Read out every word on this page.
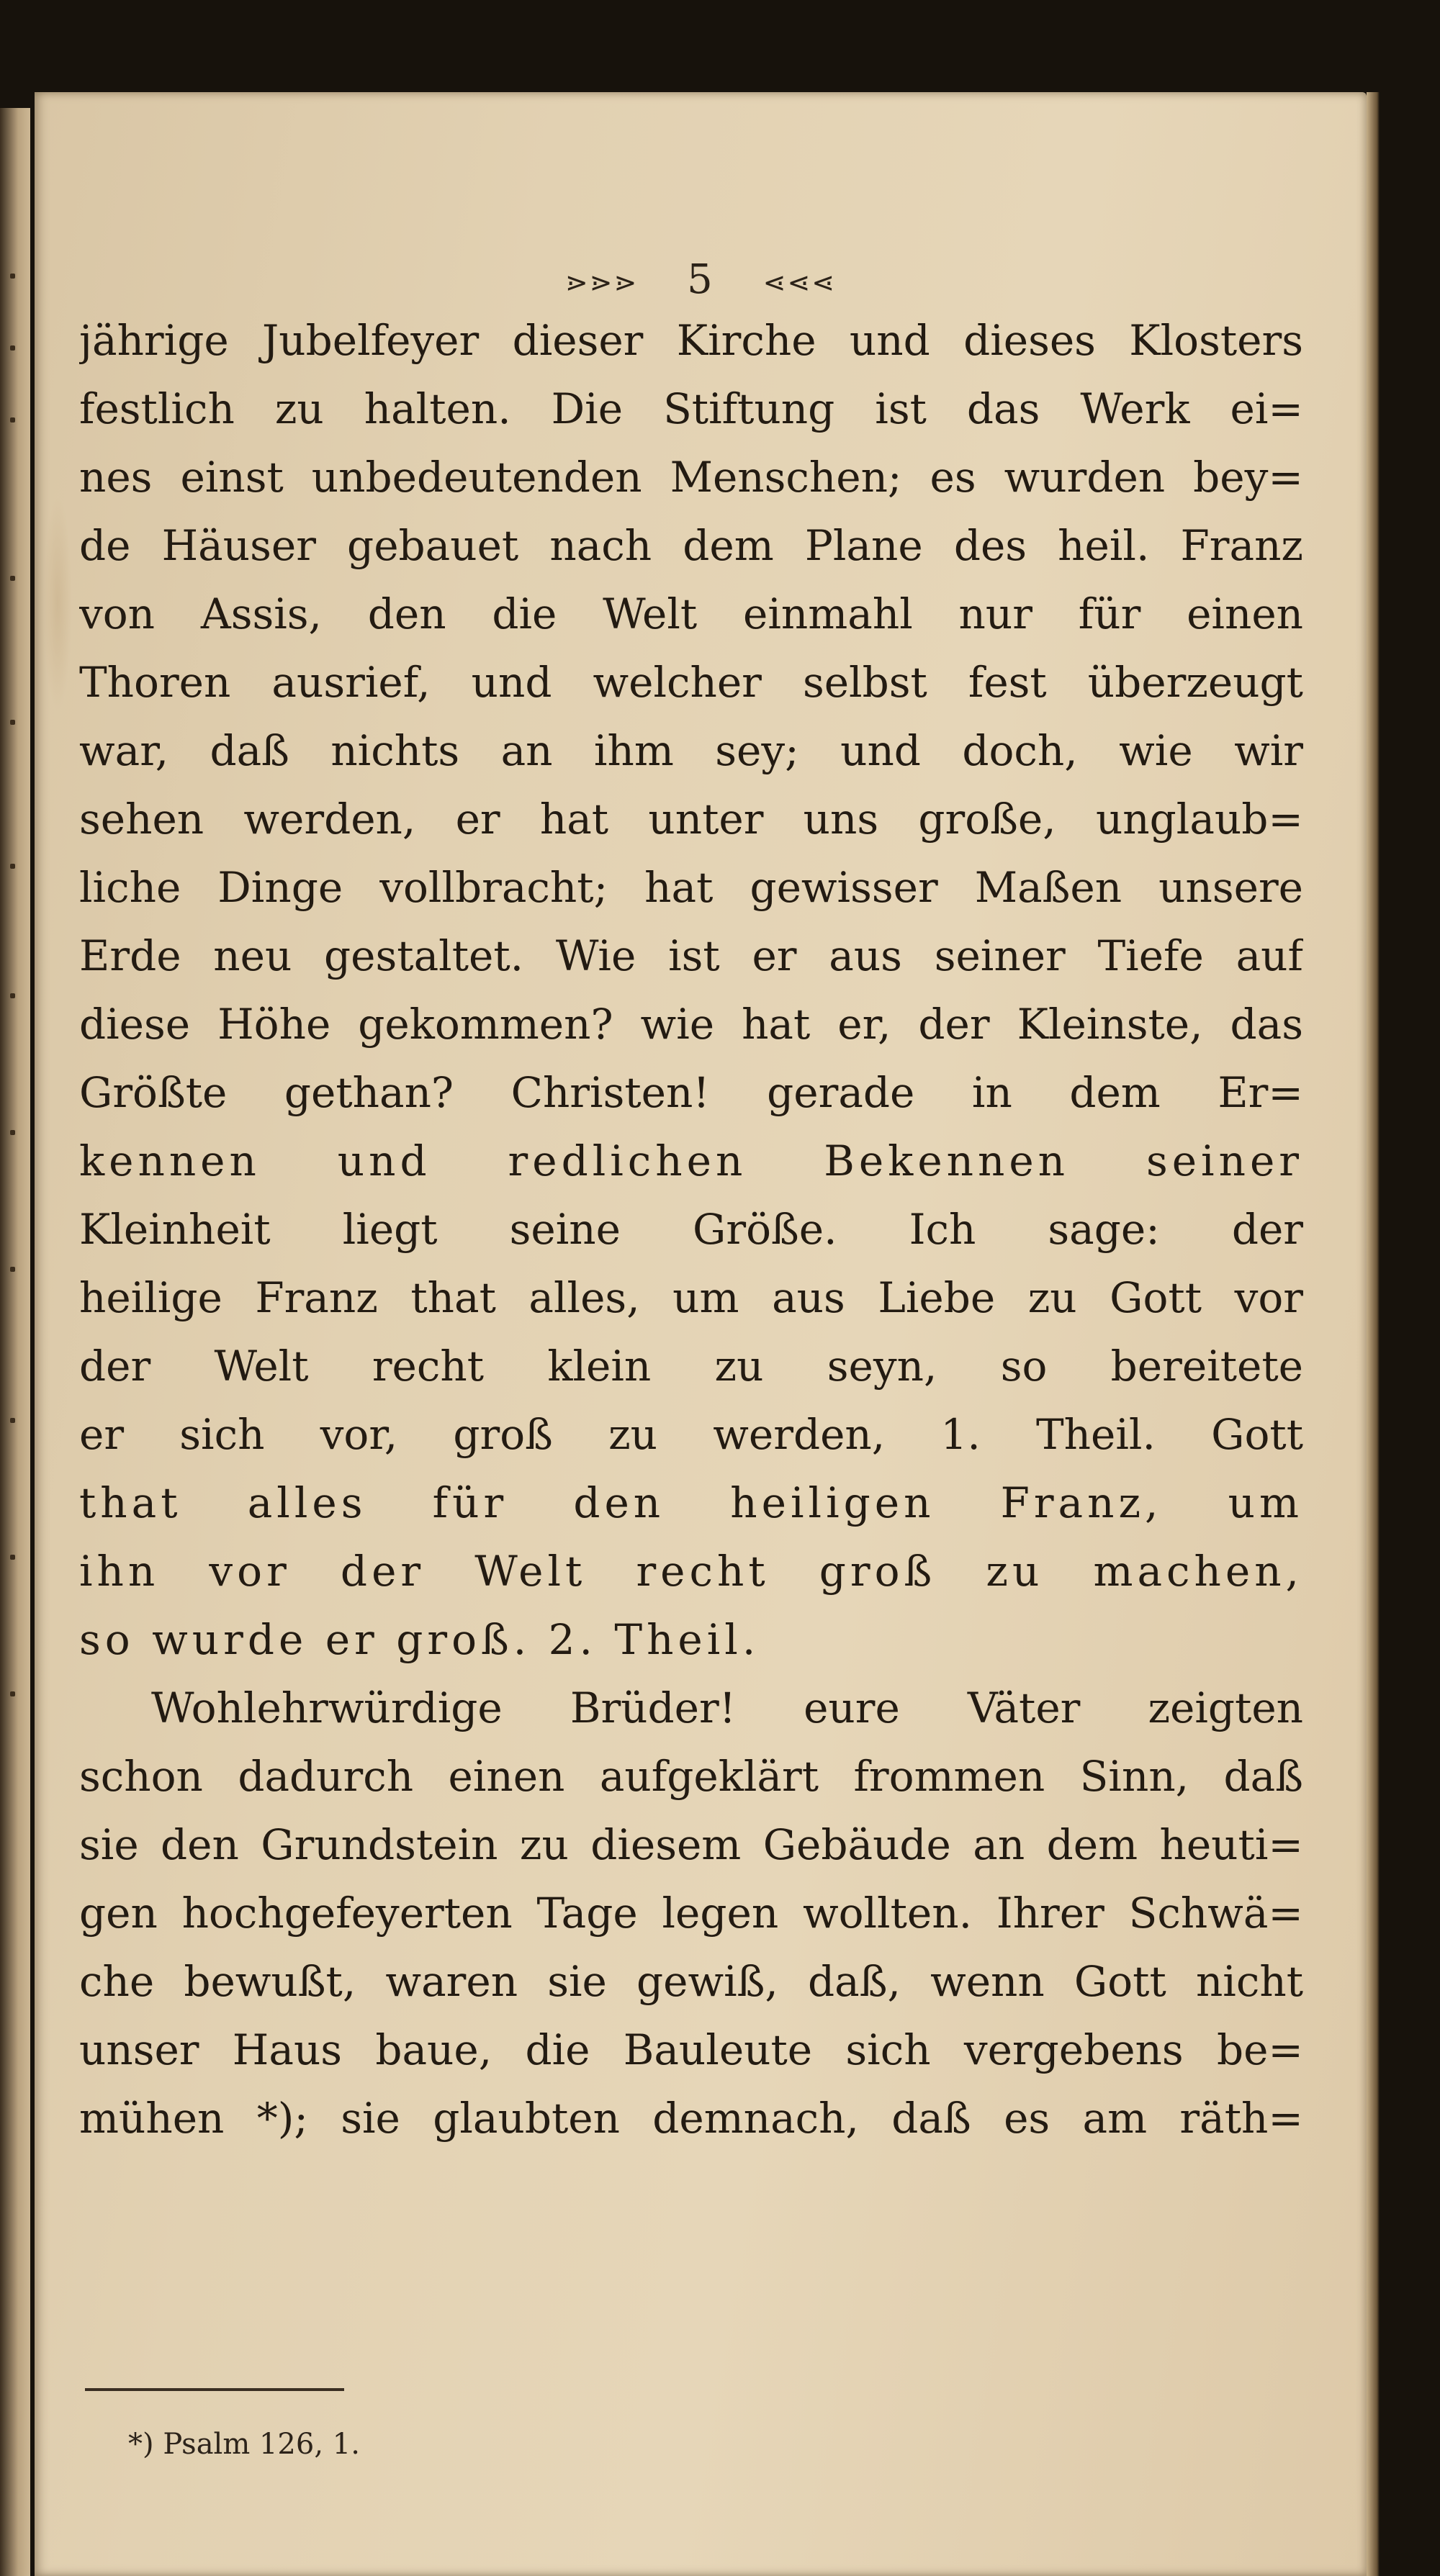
⋗⋗⋗ 5 ⋖⋖⋖
jährige Jubelfeyer dieser Kirche und dieses Klosters
festlich zu halten. Die Stiftung ist das Werk ei=
nes einst unbedeutenden Menschen; es wurden bey=
de Häuser gebauet nach dem Plane des heil. Franz
von Assis, den die Welt einmahl nur für einen
Thoren ausrief, und welcher selbst fest überzeugt
war, daß nichts an ihm sey; und doch, wie wir
sehen werden, er hat unter uns große, unglaub=
liche Dinge vollbracht; hat gewisser Maßen unsere
Erde neu gestaltet. Wie ist er aus seiner Tiefe auf
diese Höhe gekommen? wie hat er, der Kleinste, das
Größte gethan? Christen! gerade in dem Er=
kennen und redlichen Bekennen seiner
Kleinheit liegt seine Größe. Ich sage: der
heilige Franz that alles, um aus Liebe zu Gott vor
der Welt recht klein zu seyn, so bereitete
er sich vor, groß zu werden, 1. Theil. Gott
that alles für den heiligen Franz, um
ihn vor der Welt recht groß zu machen,
so wurde er groß. 2. Theil.
Wohlehrwürdige Brüder! eure Väter zeigten
schon dadurch einen aufgeklärt frommen Sinn, daß
sie den Grundstein zu diesem Gebäude an dem heuti=
gen hochgefeyerten Tage legen wollten. Ihrer Schwä=
che bewußt, waren sie gewiß, daß, wenn Gott nicht
unser Haus baue, die Bauleute sich vergebens be=
mühen *); sie glaubten demnach, daß es am räth=
*) Psalm 126, 1.
